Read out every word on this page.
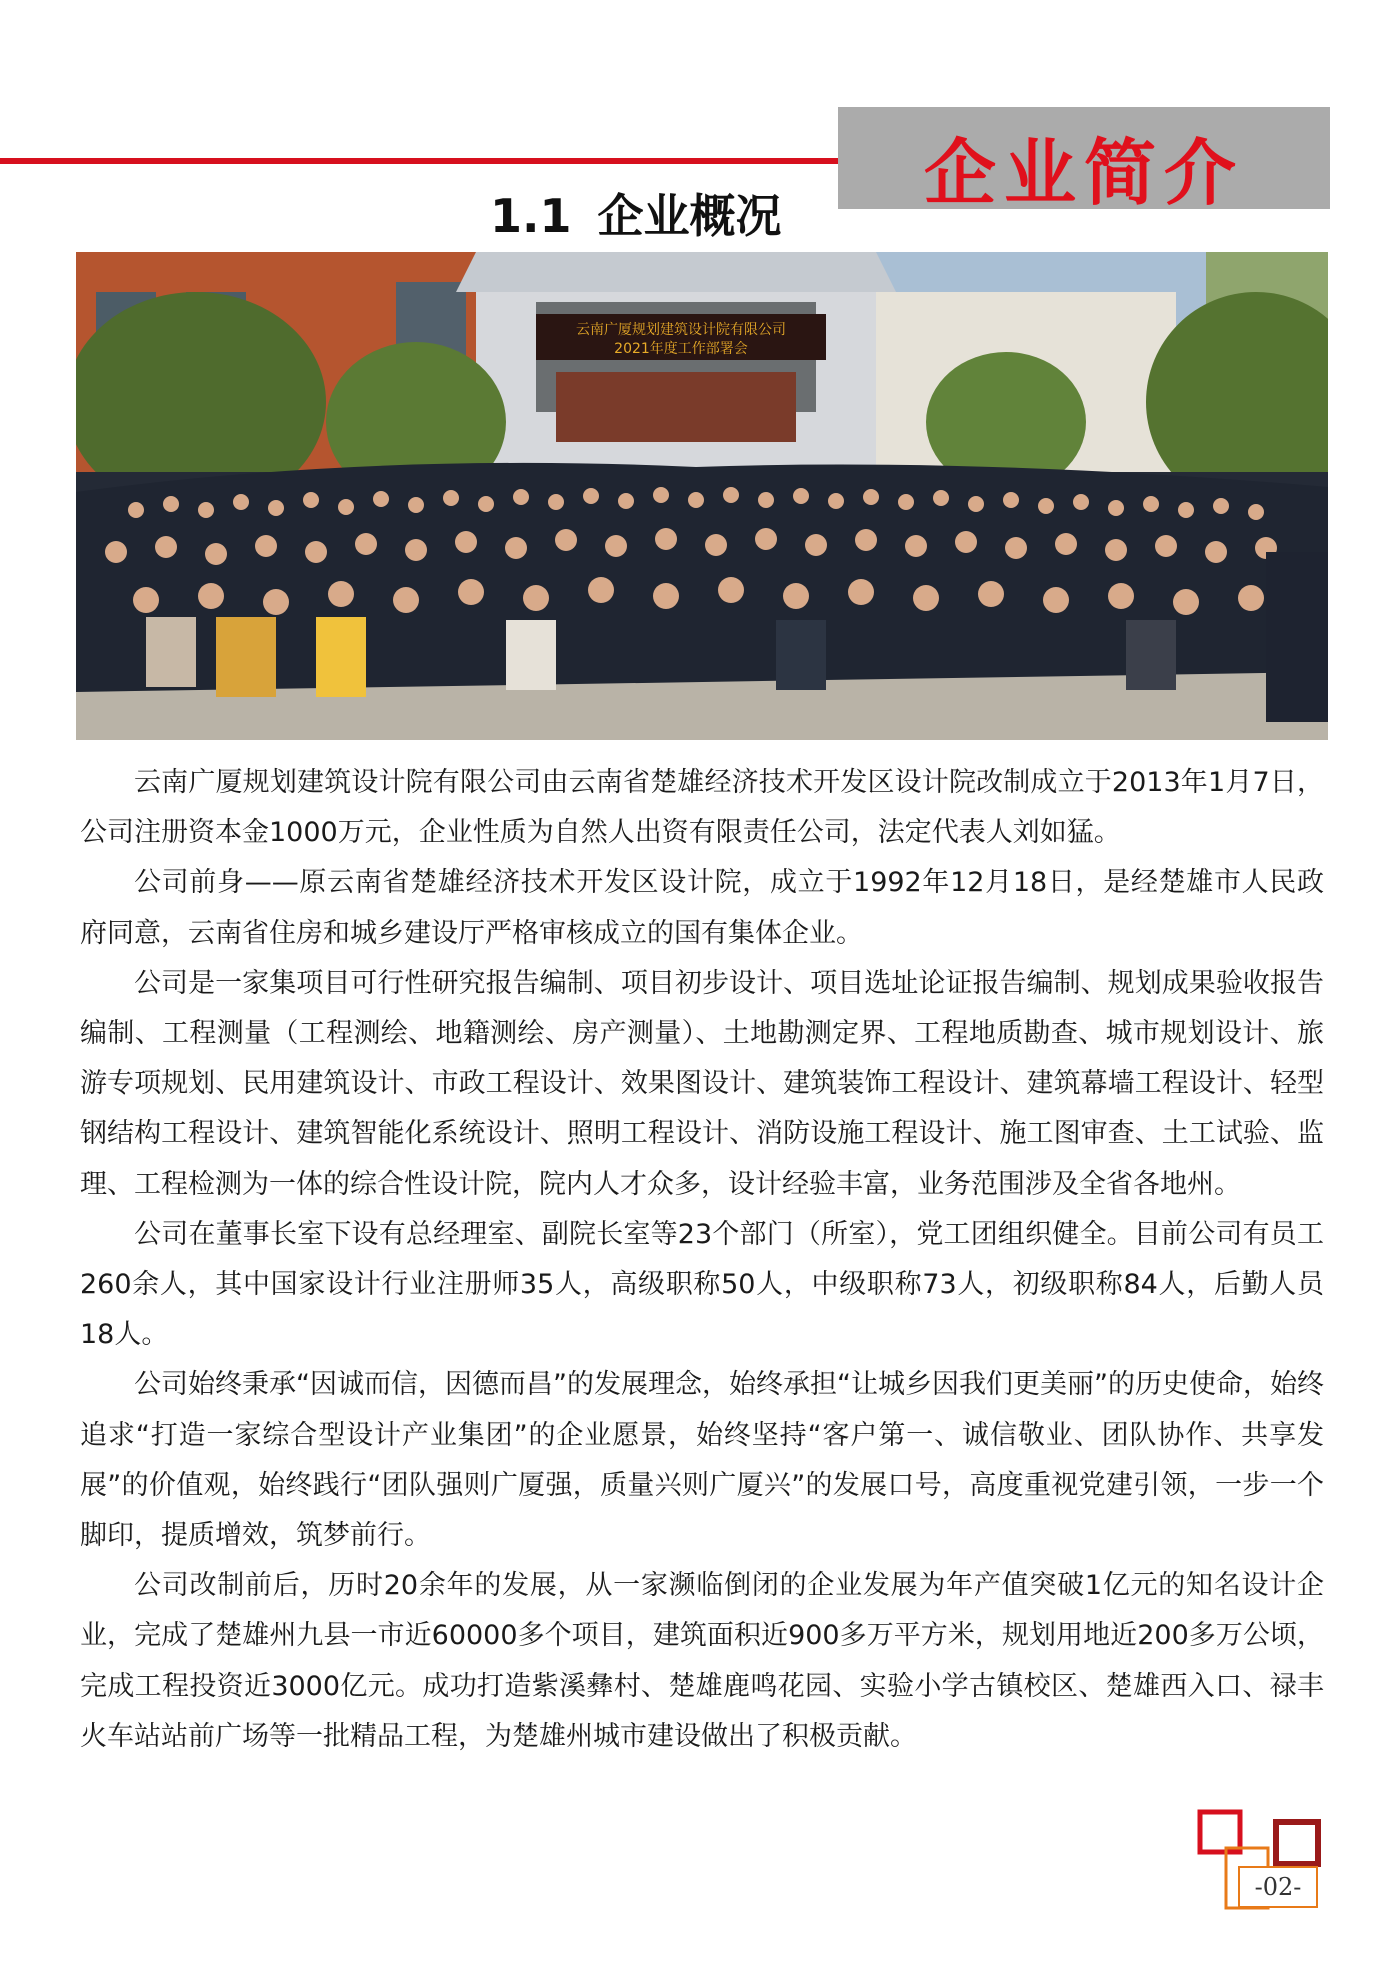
企业简介
1.1 企业概况
云南广厦规划建筑设计院有限公司
2021年度工作部署会

云南广厦规划建筑设计院有限公司由云南省楚雄经济技术开发区设计院改制成立于2013年1月7日，公司注册资本金1000万元，企业性质为自然人出资有限责任公司，法定代表人刘如猛。

公司前身——原云南省楚雄经济技术开发区设计院，成立于1992年12月18日，是经楚雄市人民政府同意，云南省住房和城乡建设厅严格审核成立的国有集体企业。

公司是一家集项目可行性研究报告编制、项目初步设计、项目选址论证报告编制、规划成果验收报告编制、工程测量（工程测绘、地籍测绘、房产测量）、土地勘测定界、工程地质勘查、城市规划设计、旅游专项规划、民用建筑设计、市政工程设计、效果图设计、建筑装饰工程设计、建筑幕墙工程设计、轻型钢结构工程设计、建筑智能化系统设计、照明工程设计、消防设施工程设计、施工图审查、土工试验、监理、工程检测为一体的综合性设计院，院内人才众多，设计经验丰富，业务范围涉及全省各地州。

公司在董事长室下设有总经理室、副院长室等23个部门（所室），党工团组织健全。目前公司有员工260余人，其中国家设计行业注册师35人，高级职称50人，中级职称73人，初级职称84人，后勤人员18人。

公司始终秉承“因诚而信，因德而昌”的发展理念，始终承担“让城乡因我们更美丽”的历史使命，始终追求“打造一家综合型设计产业集团”的企业愿景，始终坚持“客户第一、诚信敬业、团队协作、共享发展”的价值观，始终践行“团队强则广厦强，质量兴则广厦兴”的发展口号，高度重视党建引领，一步一个脚印，提质增效，筑梦前行。

公司改制前后，历时20余年的发展，从一家濒临倒闭的企业发展为年产值突破1亿元的知名设计企业，完成了楚雄州九县一市近60000多个项目，建筑面积近900多万平方米，规划用地近200多万公顷，完成工程投资近3000亿元。成功打造紫溪彝村、楚雄鹿鸣花园、实验小学古镇校区、楚雄西入口、禄丰火车站站前广场等一批精品工程，为楚雄州城市建设做出了积极贡献。

-02-
